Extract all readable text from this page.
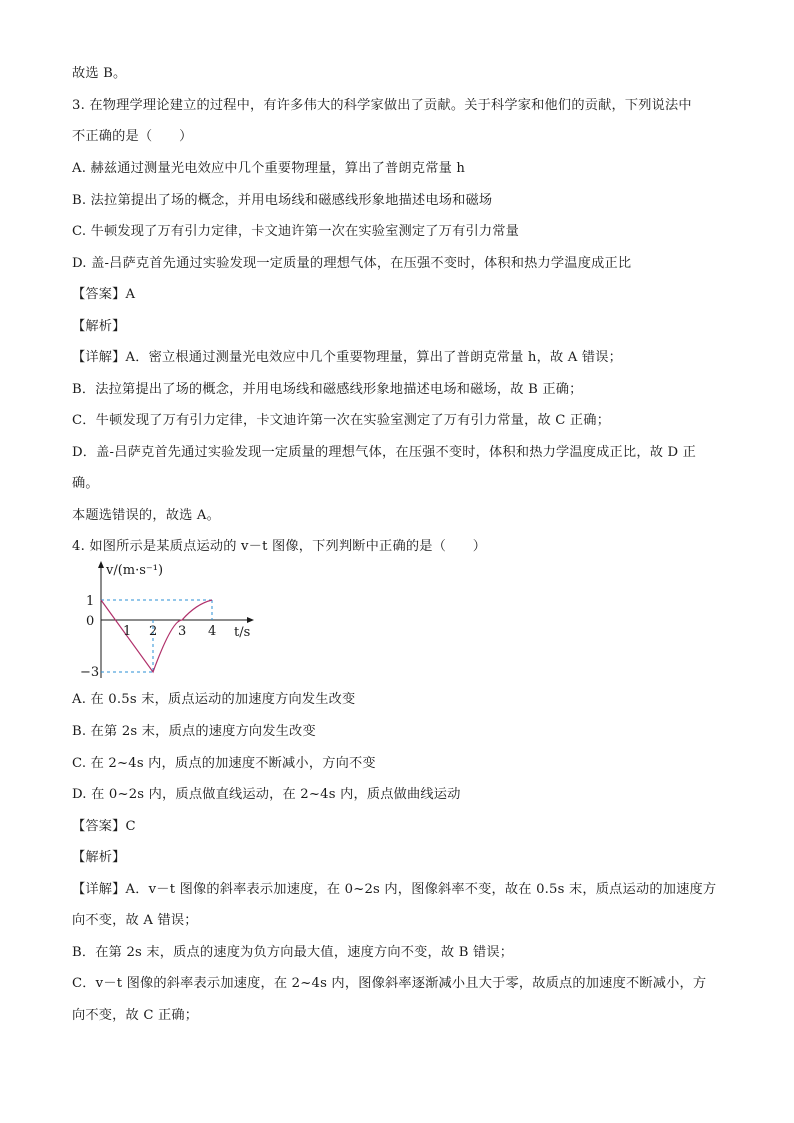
故选 B。
3. 在物理学理论建立的过程中，有许多伟大的科学家做出了贡献。关于科学家和他们的贡献，下列说法中
不正确的是（　　）
A. 赫兹通过测量光电效应中几个重要物理量，算出了普朗克常量 h
B. 法拉第提出了场的概念，并用电场线和磁感线形象地描述电场和磁场
C. 牛顿发现了万有引力定律，卡文迪许第一次在实验室测定了万有引力常量
D. 盖-吕萨克首先通过实验发现一定质量的理想气体，在压强不变时，体积和热力学温度成正比
【答案】A
【解析】
【详解】A．密立根通过测量光电效应中几个重要物理量，算出了普朗克常量 h，故 A 错误；
B．法拉第提出了场的概念，并用电场线和磁感线形象地描述电场和磁场，故 B 正确；
C．牛顿发现了万有引力定律，卡文迪许第一次在实验室测定了万有引力常量，故 C 正确；
D．盖-吕萨克首先通过实验发现一定质量的理想气体，在压强不变时，体积和热力学温度成正比，故 D 正
确。
本题选错误的，故选 A。
4. 如图所示是某质点运动的 v－t 图像，下列判断中正确的是（　　）
v/(m·s⁻¹)
t/s
0
1
−3
1 2 3 4
A. 在 0.5s 末，质点运动的加速度方向发生改变
B. 在第 2s 末，质点的速度方向发生改变
C. 在 2~4s 内，质点的加速度不断减小，方向不变
D. 在 0~2s 内，质点做直线运动，在 2~4s 内，质点做曲线运动
【答案】C
【解析】
【详解】A．v－t 图像的斜率表示加速度，在 0~2s 内，图像斜率不变，故在 0.5s 末，质点运动的加速度方
向不变，故 A 错误；
B．在第 2s 末，质点的速度为负方向最大值，速度方向不变，故 B 错误；
C．v－t 图像的斜率表示加速度，在 2~4s 内，图像斜率逐渐减小且大于零，故质点的加速度不断减小，方
向不变，故 C 正确；
